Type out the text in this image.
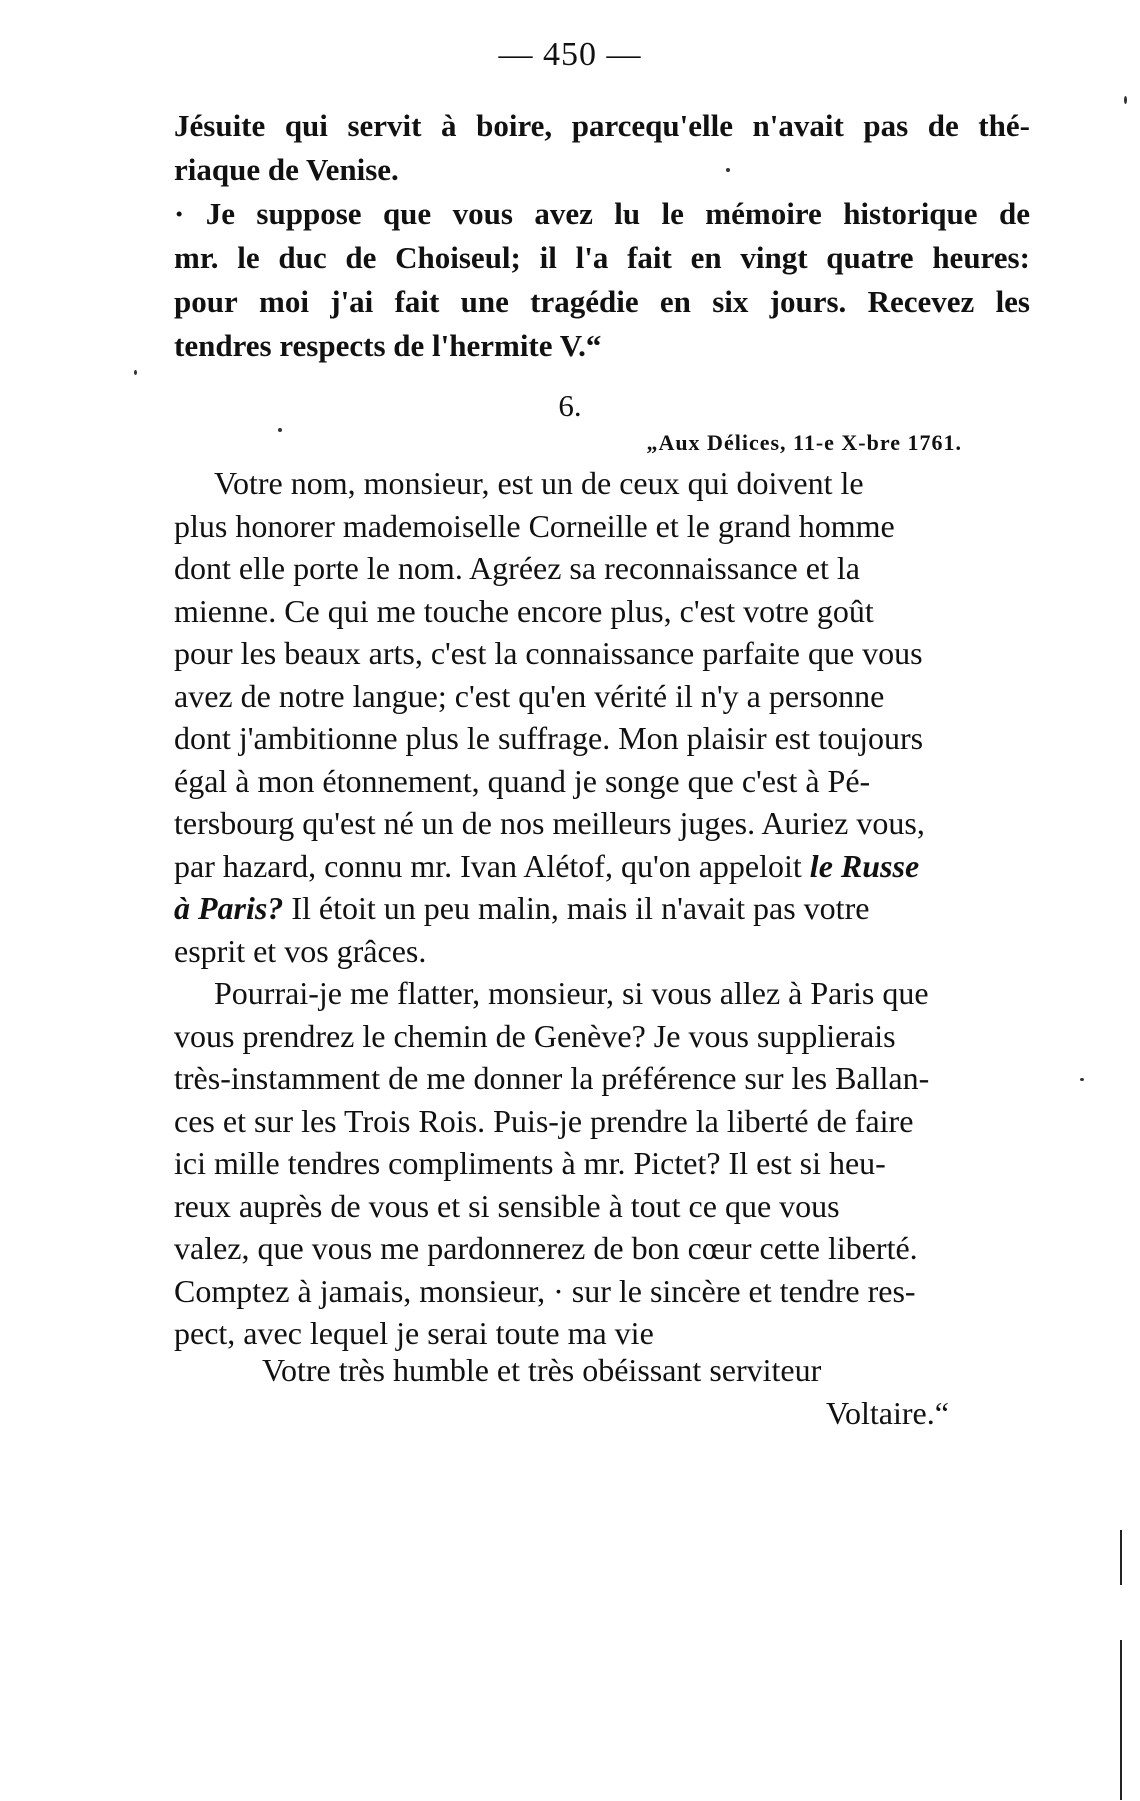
— 450 —
Jésuite qui servit à boire, parcequ'elle n'avait pas de thé-
riaque de Venise.
· Je suppose que vous avez lu le mémoire historique de
mr. le duc de Choiseul; il l'a fait en vingt quatre heures:
pour moi j'ai fait une tragédie en six jours. Recevez les
tendres respects de l'hermite V.“
6.
„Aux Délices, 11-e X-bre 1761.
Votre nom, monsieur, est un de ceux qui doivent le
plus honorer mademoiselle Corneille et le grand homme
dont elle porte le nom. Agréez sa reconnaissance et la
mienne. Ce qui me touche encore plus, c'est votre goût
pour les beaux arts, c'est la connaissance parfaite que vous
avez de notre langue; c'est qu'en vérité il n'y a personne
dont j'ambitionne plus le suffrage. Mon plaisir est toujours
égal à mon étonnement, quand je songe que c'est à Pé-
tersbourg qu'est né un de nos meilleurs juges. Auriez vous,
par hazard, connu mr. Ivan Alétof, qu'on appeloit le Russe
à Paris? Il étoit un peu malin, mais il n'avait pas votre
esprit et vos grâces.
Pourrai-je me flatter, monsieur, si vous allez à Paris que
vous prendrez le chemin de Genève? Je vous supplierais
très-instamment de me donner la préférence sur les Ballan-
ces et sur les Trois Rois. Puis-je prendre la liberté de faire
ici mille tendres compliments à mr. Pictet? Il est si heu-
reux auprès de vous et si sensible à tout ce que vous
valez, que vous me pardonnerez de bon cœur cette liberté.
Comptez à jamais, monsieur, · sur le sincère et tendre res-
pect, avec lequel je serai toute ma vie
Votre très humble et très obéissant serviteur
Voltaire.“
